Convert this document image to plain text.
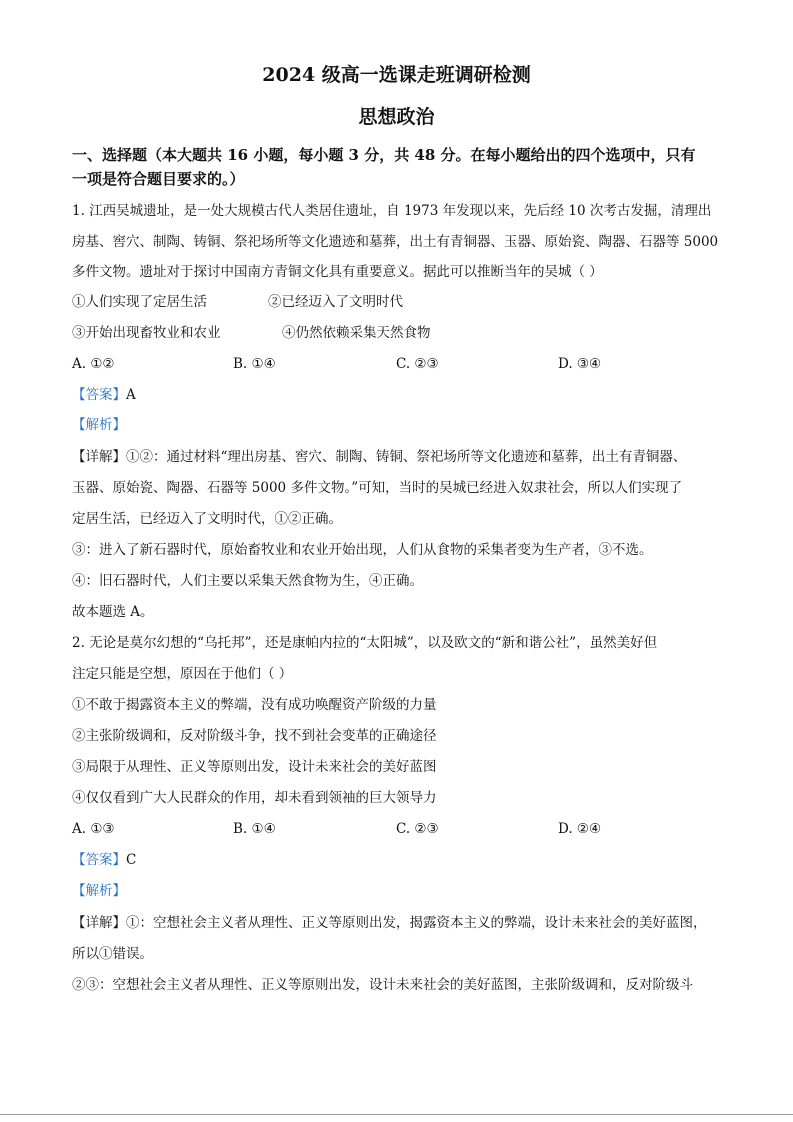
2024 级高一选课走班调研检测
思想政治
一、选择题（本大题共 16 小题，每小题 3 分，共 48 分。在每小题给出的四个选项中，只有
一项是符合题目要求的。）
1. 江西吴城遗址，是一处大规模古代人类居住遗址，自 1973 年发现以来，先后经 10 次考古发掘，清理出
房基、窖穴、制陶、铸铜、祭祀场所等文化遗迹和墓葬，出土有青铜器、玉器、原始瓷、陶器、石器等 5000
多件文物。遗址对于探讨中国南方青铜文化具有重要意义。据此可以推断当年的吴城（ ）
①人们实现了定居生活	②已经迈入了文明时代
③开始出现畜牧业和农业	④仍然依赖采集天然食物
A. ①②	B. ①④	C. ②③	D. ③④
【答案】A
【解析】
【详解】①②：通过材料“理出房基、窖穴、制陶、铸铜、祭祀场所等文化遗迹和墓葬，出土有青铜器、
玉器、原始瓷、陶器、石器等 5000 多件文物。”可知，当时的吴城已经进入奴隶社会，所以人们实现了
定居生活，已经迈入了文明时代，①②正确。
③：进入了新石器时代，原始畜牧业和农业开始出现，人们从食物的采集者变为生产者，③不选。
④：旧石器时代，人们主要以采集天然食物为生，④正确。
故本题选 A。
2. 无论是莫尔幻想的“乌托邦”，还是康帕内拉的“太阳城”，以及欧文的“新和谐公社”，虽然美好但
注定只能是空想，原因在于他们（ ）
①不敢于揭露资本主义的弊端，没有成功唤醒资产阶级的力量
②主张阶级调和，反对阶级斗争，找不到社会变革的正确途径
③局限于从理性、正义等原则出发，设计未来社会的美好蓝图
④仅仅看到广大人民群众的作用，却未看到领袖的巨大领导力
A. ①③	B. ①④	C. ②③	D. ②④
【答案】C
【解析】
【详解】①：空想社会主义者从理性、正义等原则出发，揭露资本主义的弊端，设计未来社会的美好蓝图，
所以①错误。
②③：空想社会主义者从理性、正义等原则出发，设计未来社会的美好蓝图，主张阶级调和，反对阶级斗
